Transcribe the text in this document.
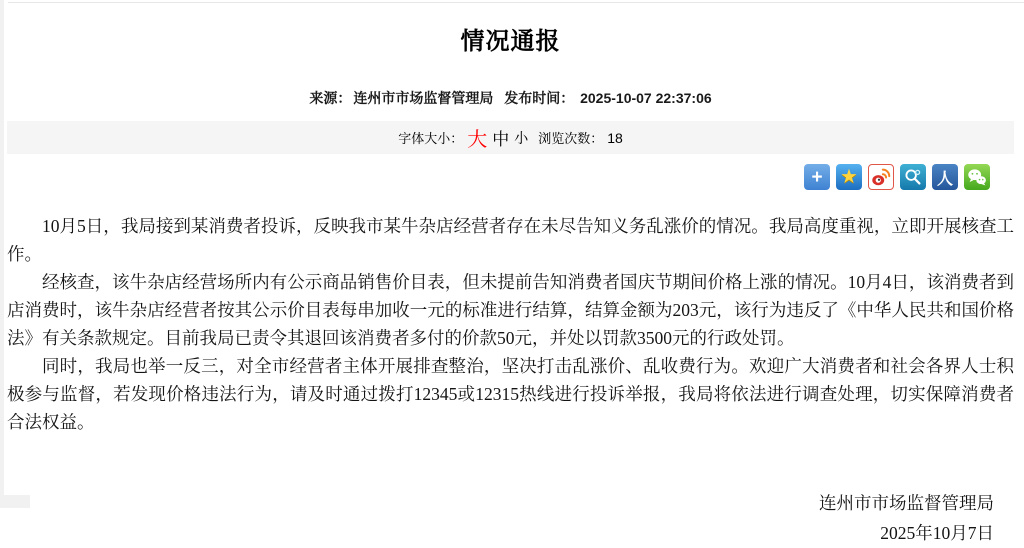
情况通报
来源： 连州市市场监督管理局 发布时间： 2025-10-07 22:37:06
字体大小： 大 中 小 浏览次数： 18
+	★	人

10月5日，我局接到某消费者投诉，反映我市某牛杂店经营者存在未尽告知义务乱涨价的情况。我局高度重视，立即开展核查工作。

经核查，该牛杂店经营场所内有公示商品销售价目表，但未提前告知消费者国庆节期间价格上涨的情况。10月4日，该消费者到店消费时，该牛杂店经营者按其公示价目表每串加收一元的标准进行结算，结算金额为203元，该行为违反了《中华人民共和国价格法》有关条款规定。目前我局已责令其退回该消费者多付的价款50元，并处以罚款3500元的行政处罚。

同时，我局也举一反三，对全市经营者主体开展排查整治，坚决打击乱涨价、乱收费行为。欢迎广大消费者和社会各界人士积极参与监督，若发现价格违法行为，请及时通过拨打12345或12315热线进行投诉举报，我局将依法进行调查处理，切实保障消费者合法权益。

连州市市场监督管理局
2025年10月7日
